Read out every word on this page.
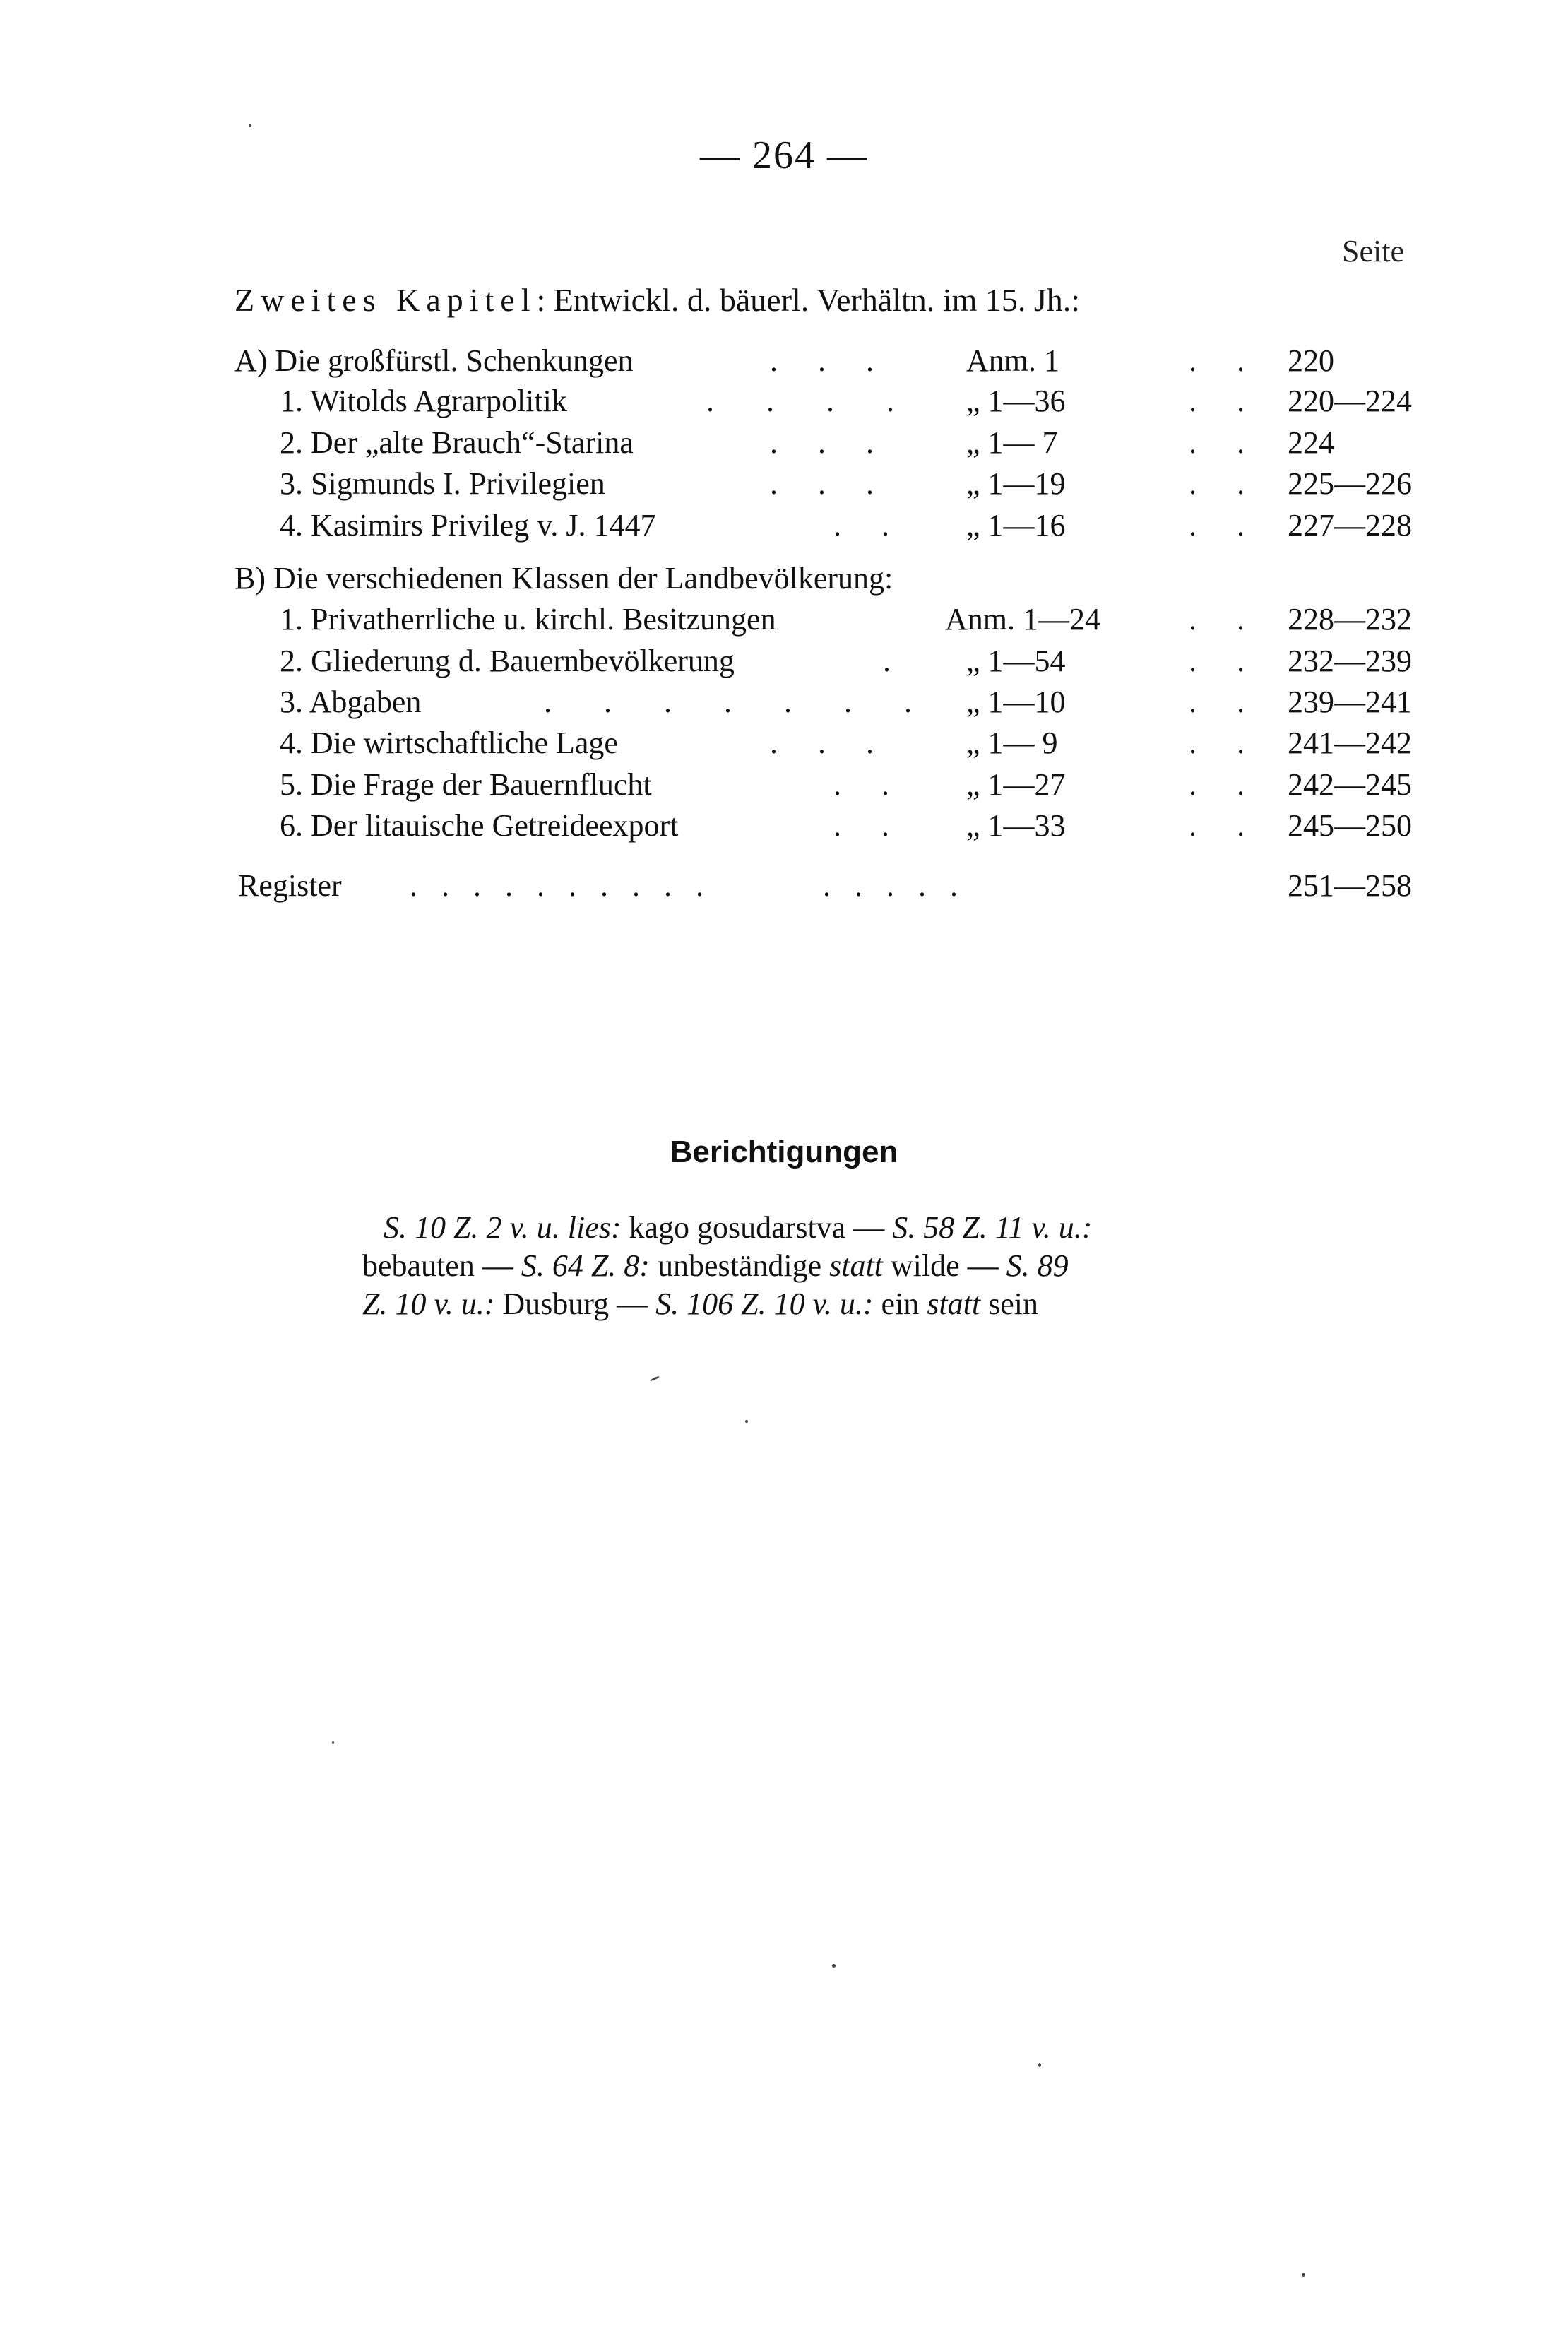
— 264 —
Seite
Zweites Kapitel: Entwickl. d. bäuerl. Verhältn. im 15. Jh.:
A) Die großfürstl. Schenkungen	.   .   .	Anm. 1	.   . 220
1. Witolds Agrarpolitik	„ 1—36	220—224
.    .    .    .	.   .
2. Der „alte Brauch“-Starina	„ 1— 7	224
.   .   .	.   .
3. Sigmunds I. Privilegien	„ 1—19	225—226
.   .   .	.   .
4. Kasimirs Privileg v. J. 1447	„ 1—16	227—228
.   .	.   .
B) Die verschiedenen Klassen der Landbevölkerung:
1. Privatherrliche u. kirchl. Besitzungen	Anm. 1—24	228—232
.   .
2. Gliederung d. Bauernbevölkerung	„ 1—54	232—239
.	.   .
3. Abgaben	„ 1—10	239—241
.    .    .    .    .    .    .	.   .
4. Die wirtschaftliche Lage	„ 1— 9	241—242
.   .   .	.   .
5. Die Frage der Bauernflucht	„ 1—27	242—245
.   .	.   .
6. Der litauische Getreideexport	„ 1—33	245—250
.   .	.   .
Register ..........   .....	251—258
Berichtigungen
S. 10 Z. 2 v. u. lies: kago gosudarstva — S. 58 Z. 11 v. u.:
bebauten — S. 64 Z. 8: unbeständige statt wilde — S. 89
Z. 10 v. u.: Dusburg — S. 106 Z. 10 v. u.: ein statt sein
